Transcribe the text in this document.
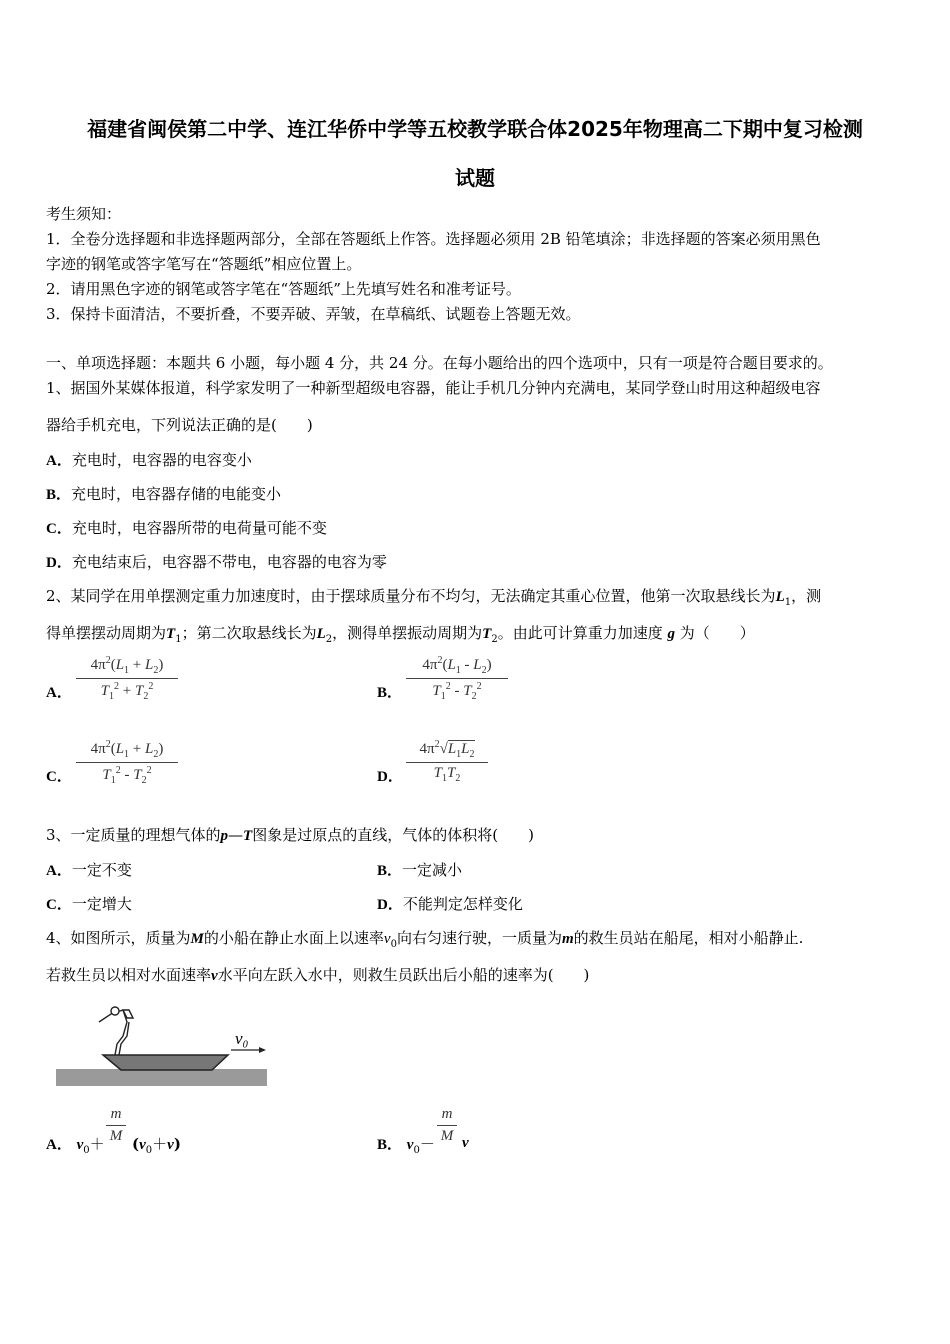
福建省闽侯第二中学、连江华侨中学等五校教学联合体2025年物理高二下期中复习检测
试题
考生须知：
1．全卷分选择题和非选择题两部分，全部在答题纸上作答。选择题必须用 2B 铅笔填涂；非选择题的答案必须用黑色
字迹的钢笔或答字笔写在“答题纸”相应位置上。
2．请用黑色字迹的钢笔或答字笔在“答题纸”上先填写姓名和准考证号。
3．保持卡面清洁，不要折叠，不要弄破、弄皱，在草稿纸、试题卷上答题无效。
一、单项选择题：本题共 6 小题，每小题 4 分，共 24 分。在每小题给出的四个选项中，只有一项是符合题目要求的。
1、据国外某媒体报道，科学家发明了一种新型超级电容器，能让手机几分钟内充满电，某同学登山时用这种超级电容
器给手机充电，下列说法正确的是(　　)
A．充电时，电容器的电容变小
B．充电时，电容器存储的电能变小
C．充电时，电容器所带的电荷量可能不变
D．充电结束后，电容器不带电，电容器的电容为零
2、某同学在用单摆测定重力加速度时，由于摆球质量分布不均匀，无法确定其重心位置，他第一次取悬线长为$L_1$，测
得单摆摆动周期为$T_1$；第二次取悬线长为$L_2$，测得单摆振动周期为$T_2$。由此可计算重力加速度 g 为（　　）
A．
$4\pi^2(L_1 + L_2)$
$T_1^2 + T_2^2$	B．
$4\pi^2(L_1 - L_2)$
$T_1^2 - T_2^2$
C．
$4\pi^2(L_1 + L_2)$
$T_1^2 - T_2^2$	D．
$4\pi^2√L_1L_2$
$T_1T_2$
3、一定质量的理想气体的p—T图象是过原点的直线，气体的体积将(　　)
A．一定不变	B．一定减小
C．一定增大	D．不能判定怎样变化
4、如图所示，质量为M的小船在静止水面上以速率$v_0$向右匀速行驶，一质量为m的救生员站在船尾，相对小船静止.
若救生员以相对水面速率v水平向左跃入水中，则救生员跃出后小船的速率为(　　)
v₀
A． $v_0+$
m
M $(v_0+v)$	B． $v_0-$
m
M v
